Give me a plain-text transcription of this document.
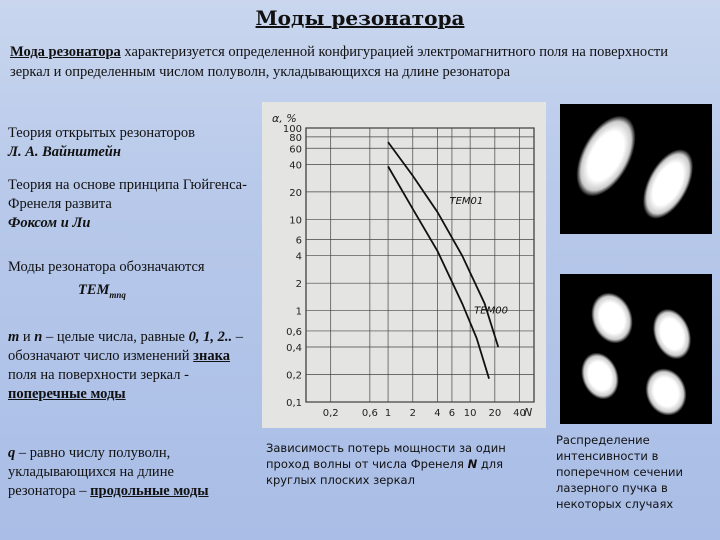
Моды резонатора
Мода резонатора характеризуется определенной конфигурацией электромагнитного поля на поверхности зеркал и определенным числом полуволн, укладывающихся на длине резонатора
Теория открытых резонаторов
Л. А. Вайнштейн
Теория на основе принципа Гюйгенса-Френеля развита
Фоксом и Ли
Моды резонатора обозначаются
$TEM_{mnq}$
m и n – целые числа, равные 0, 1, 2.. – обозначают число изменений знака поля на поверхности зеркал - поперечные моды
q – равно числу полуволн, укладывающихся на длине резонатора – продольные моды
100
80
60
40
20
10
6
4
2
1
0,6
0,4
0,2
0,1
0,2 0,6 1 2 4 6 10 20 40
TEM01
TEM00
α, %
N
Зависимость потерь мощности за один проход волны от числа Френеля N для круглых плоских зеркал
Распределение интенсивности в поперечном сечении лазерного пучка в некоторых случаях
